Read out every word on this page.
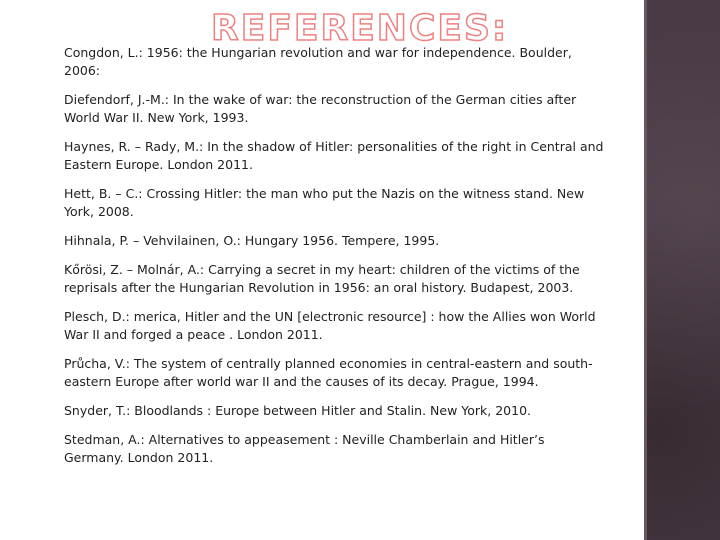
REFERENCES:
Congdon, L.: 1956: the Hungarian revolution and war for independence. Boulder, 2006:
Diefendorf, J.-M.: In the wake of war: the reconstruction of the German cities after World War II. New York, 1993.
Haynes, R. – Rady, M.: In the shadow of Hitler: personalities of the right in Central and Eastern Europe. London 2011.
Hett, B. – C.: Crossing Hitler: the man who put the Nazis on the witness stand. New York, 2008.
Hihnala, P. – Vehvilainen, O.: Hungary 1956. Tempere, 1995.
Kőrösi, Z. – Molnár, A.: Carrying a secret in my heart: children of the victims of the reprisals after the Hungarian Revolution in 1956: an oral history. Budapest, 2003.
Plesch, D.: merica, Hitler and the UN [electronic resource] : how the Allies won World War II and forged a peace . London 2011.
Průcha, V.: The system of centrally planned economies in central-eastern and south-eastern Europe after world war II and the causes of its decay. Prague, 1994.
Snyder, T.: Bloodlands : Europe between Hitler and Stalin. New York, 2010.
Stedman, A.: Alternatives to appeasement : Neville Chamberlain and Hitler’s Germany. London 2011.
